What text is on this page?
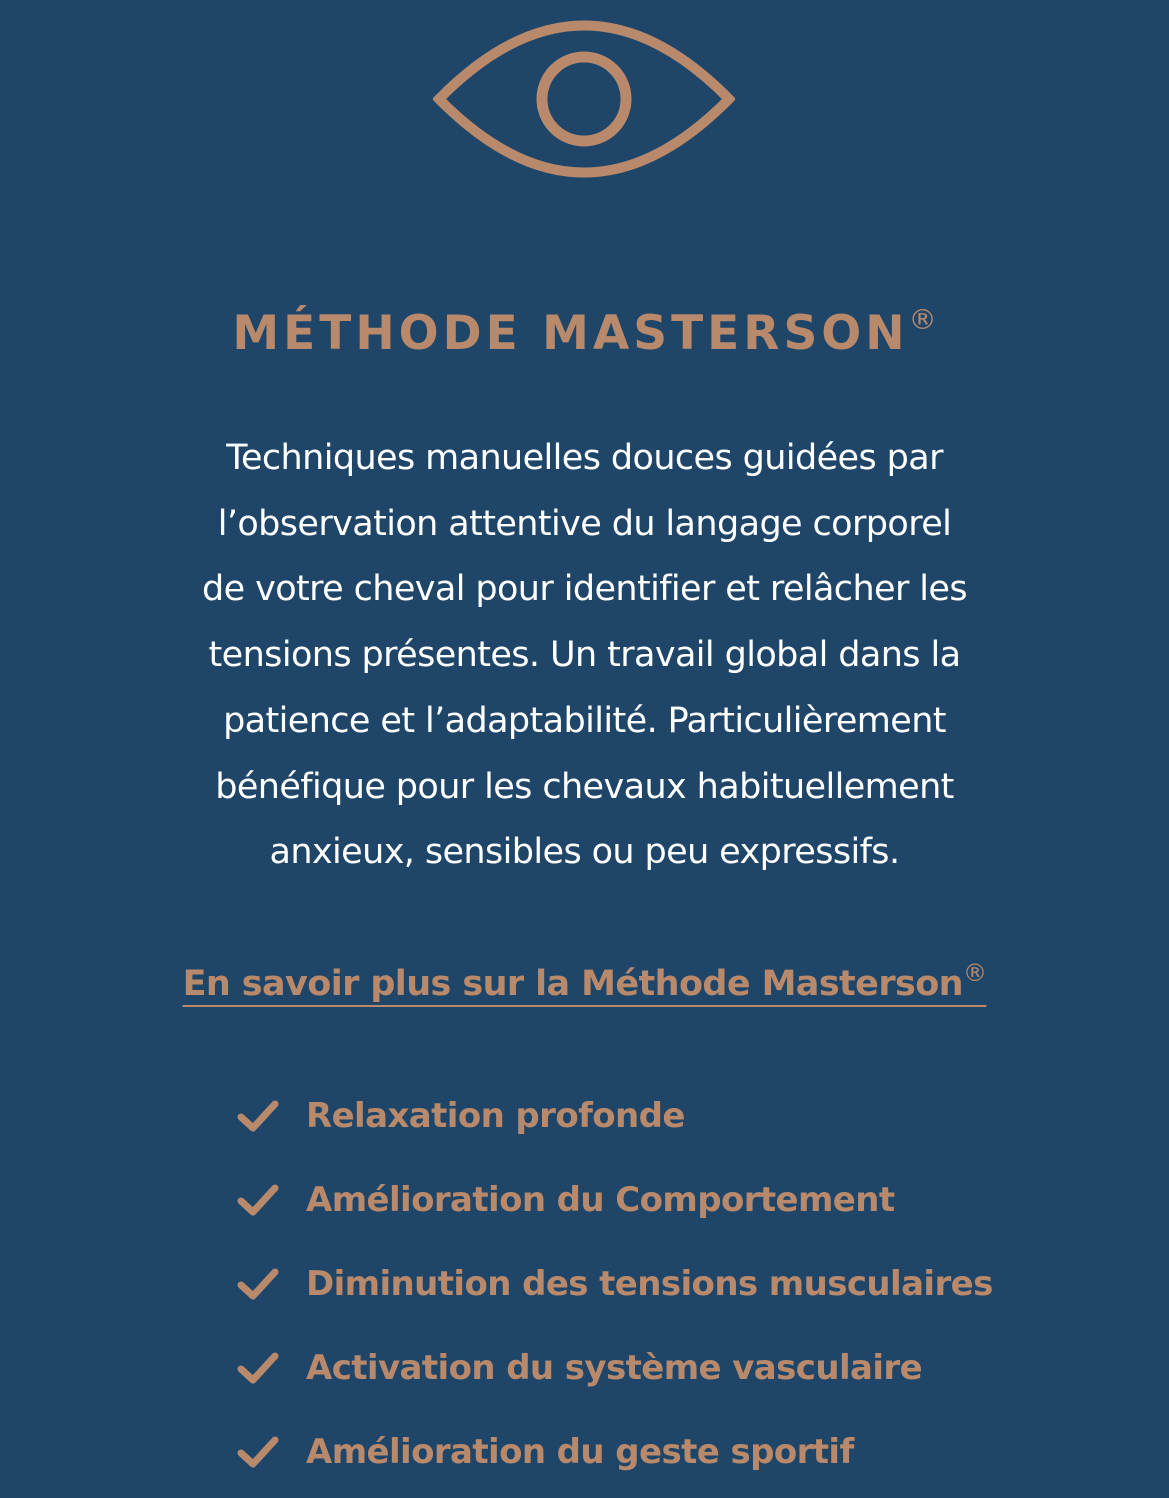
MÉTHODE MASTERSON®
Techniques manuelles douces guidées par
l’observation attentive du langage corporel
de votre cheval pour identifier et relâcher les
tensions présentes. Un travail global dans la
patience et l’adaptabilité. Particulièrement
bénéfique pour les chevaux habituellement
anxieux, sensibles ou peu expressifs.
En savoir plus sur la Méthode Masterson®
Relaxation profonde
Amélioration du Comportement
Diminution des tensions musculaires
Activation du système vasculaire
Amélioration du geste sportif
